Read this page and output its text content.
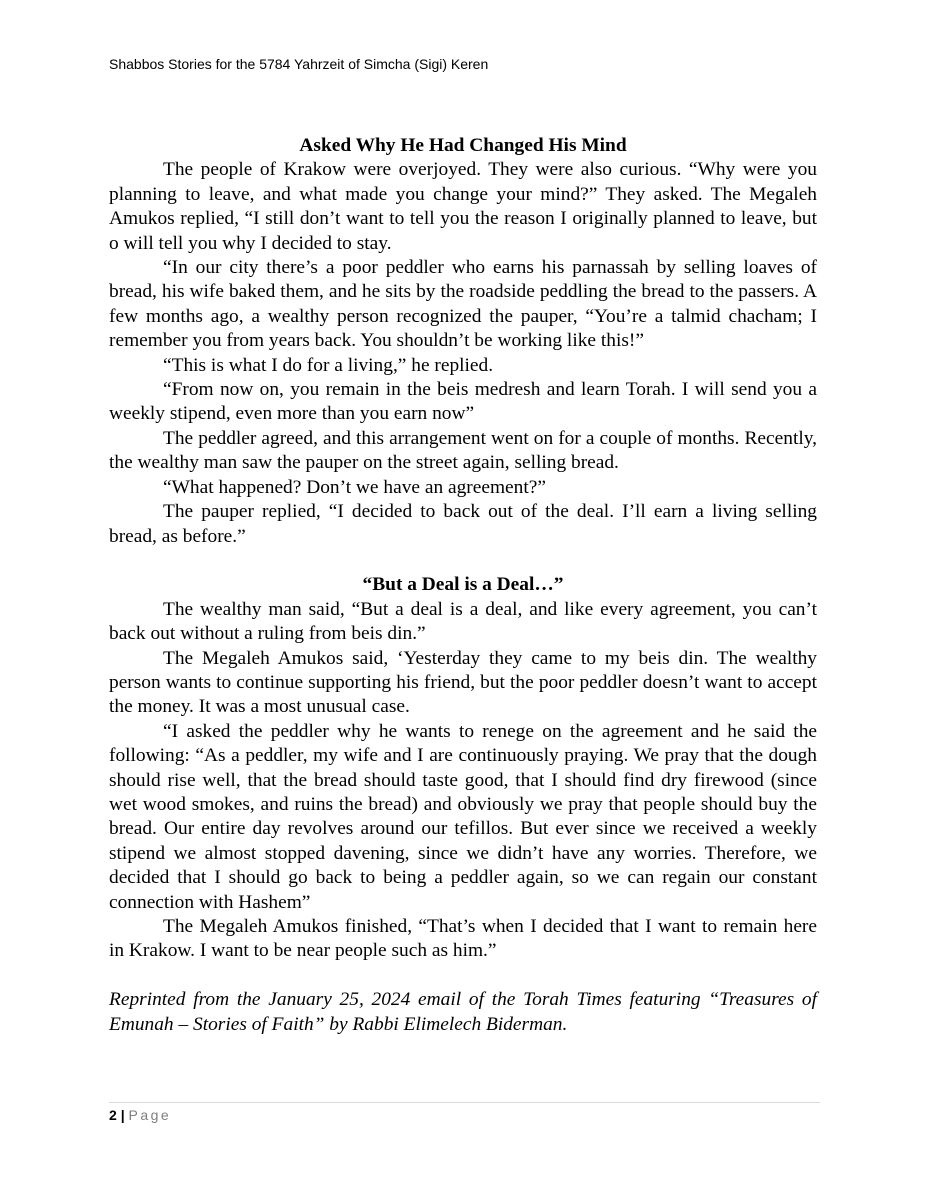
Shabbos Stories for the 5784 Yahrzeit of Simcha (Sigi) Keren
Asked Why He Had Changed His Mind

The people of Krakow were overjoyed. They were also curious. “Why were you planning to leave, and what made you change your mind?” They asked. The Megaleh Amukos replied, “I still don’t want to tell you the reason I originally planned to leave, but o will tell you why I decided to stay.

“In our city there’s a poor peddler who earns his parnassah by selling loaves of bread, his wife baked them, and he sits by the roadside peddling the bread to the passers. A few months ago, a wealthy person recognized the pauper, “You’re a talmid chacham; I remember you from years back. You shouldn’t be working like this!”

“This is what I do for a living,” he replied.

“From now on, you remain in the beis medresh and learn Torah. I will send you a weekly stipend, even more than you earn now”

The peddler agreed, and this arrangement went on for a couple of months. Recently, the wealthy man saw the pauper on the street again, selling bread.

“What happened? Don’t we have an agreement?”

The pauper replied, “I decided to back out of the deal. I’ll earn a living selling bread, as before.”

“But a Deal is a Deal…”

The wealthy man said, “But a deal is a deal, and like every agreement, you can’t back out without a ruling from beis din.”

The Megaleh Amukos said, ‘Yesterday they came to my beis din. The wealthy person wants to continue supporting his friend, but the poor peddler doesn’t want to accept the money. It was a most unusual case.

“I asked the peddler why he wants to renege on the agreement and he said the following: “As a peddler, my wife and I are continuously praying. We pray that the dough should rise well, that the bread should taste good, that I should find dry firewood (since wet wood smokes, and ruins the bread) and obviously we pray that people should buy the bread. Our entire day revolves around our tefillos. But ever since we received a weekly stipend we almost stopped davening, since we didn’t have any worries. Therefore, we decided that I should go back to being a peddler again, so we can regain our constant connection with Hashem”

The Megaleh Amukos finished, “That’s when I decided that I want to remain here in Krakow. I want to be near people such as him.”

Reprinted from the January 25, 2024 email of the Torah Times featuring “Treasures of Emunah – Stories of Faith” by Rabbi Elimelech Biderman.

2 | Page
